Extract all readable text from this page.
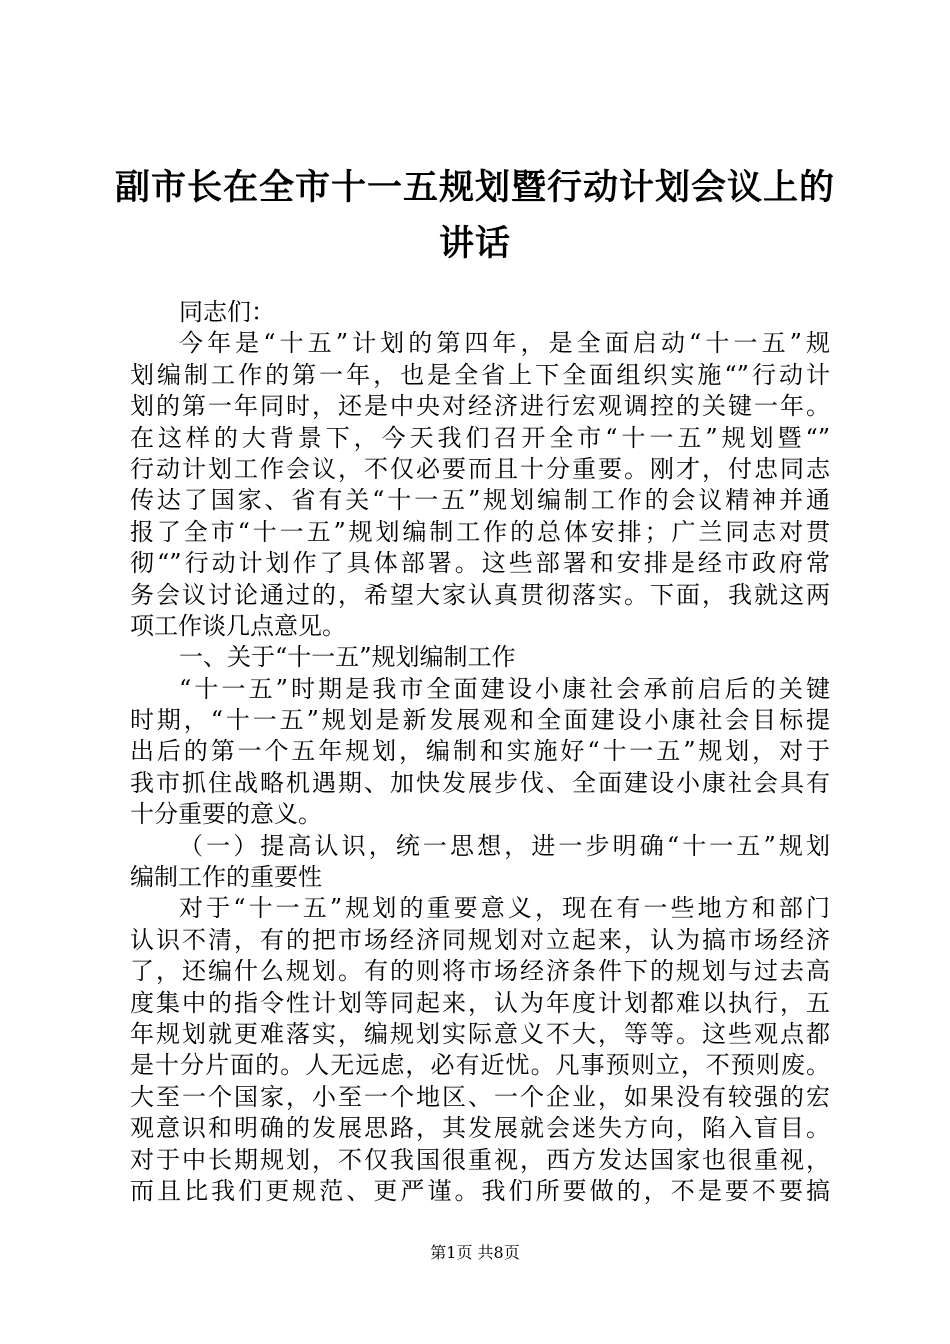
副市长在全市十一五规划暨行动计划会议上的
讲话
同志们：
今年是“十五”计划的第四年，是全面启动“十一五”规
划编制工作的第一年，也是全省上下全面组织实施“”行动计
划的第一年同时，还是中央对经济进行宏观调控的关键一年。
在这样的大背景下，今天我们召开全市“十一五”规划暨“”
行动计划工作会议，不仅必要而且十分重要。刚才，付忠同志
传达了国家、省有关“十一五”规划编制工作的会议精神并通
报了全市“十一五”规划编制工作的总体安排；广兰同志对贯
彻“”行动计划作了具体部署。这些部署和安排是经市政府常
务会议讨论通过的，希望大家认真贯彻落实。下面，我就这两
项工作谈几点意见。
一、关于“十一五”规划编制工作
“十一五”时期是我市全面建设小康社会承前启后的关键
时期，“十一五”规划是新发展观和全面建设小康社会目标提
出后的第一个五年规划，编制和实施好“十一五”规划，对于
我市抓住战略机遇期、加快发展步伐、全面建设小康社会具有
十分重要的意义。
（一）提高认识，统一思想，进一步明确“十一五”规划
编制工作的重要性
对于“十一五”规划的重要意义，现在有一些地方和部门
认识不清，有的把市场经济同规划对立起来，认为搞市场经济
了，还编什么规划。有的则将市场经济条件下的规划与过去高
度集中的指令性计划等同起来，认为年度计划都难以执行，五
年规划就更难落实，编规划实际意义不大，等等。这些观点都
是十分片面的。人无远虑，必有近忧。凡事预则立，不预则废。
大至一个国家，小至一个地区、一个企业，如果没有较强的宏
观意识和明确的发展思路，其发展就会迷失方向，陷入盲目。
对于中长期规划，不仅我国很重视，西方发达国家也很重视，
而且比我们更规范、更严谨。我们所要做的，不是要不要搞
第1页 共8页
